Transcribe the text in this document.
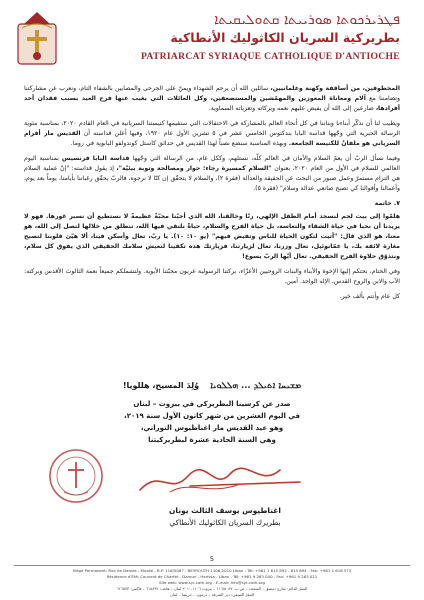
ܦܛܪܝܪܟܘܬܐ ܣܘܪܝܝܬܐ ܩܬܘܠܝܩܝܬܐ
بطريركية السريان الكاثوليك الأنطاكية
PATRIARCAT SYRIAQUE CATHOLIQUE D'ANTIOCHE

المخطوفين، من أساقفة وكهنة وعلمانيين، سائلين الله أن يرحم الشهداء ويمنّ على الجرحى والمصابين بالشفاء التام، ونعرب عن مشاركتنا وتضامننا مع آلام ومعاناة المعوزين والمهمّشين والمستضعفين، وكل العائلات التي يغيب عنها فرح العيد بسبب فقدان أحد أفرادها، ضارعين إلى الله أن يفيض عليهم نعمه وبركاته وتعزياته السماوية.

ويطيب لنا أن نذكّر أبناءنا وبناتنا في كل أنحاء العالم بالمشاركة في الاحتفالات التي ستقيمها كنيستنا السريانية في العام القادم ٢٠٢٠، بمناسبة مئوية الرسالة الحبرية التي وجّهها قداسة البابا بندكتوس الخامس عشر في ٥ تشرين الأول عام ١٩٢٠، وفيها أعلن قداسته أن القديس مار أفرام السرياني هو ملفانٌ للكنيسة الجامعة. وبهذه المناسبة سنضع نصباً لهذا القديس في حدائق كاستل كوندولفو البابوية في روما.

وفيما نسأل الربّ أن يعمّ السلام والأمان في العالم كلّه، نستلهم، وككل عام، من الرسالة التي وجّهها قداسة البابا فرنسيس بمناسبة اليوم العالمي للسلام في الأول من العام ٢٠٢٠، بعنوان "السلام كمسيرة رجاء: حوار ومصالحة وتوبة بيئيّة"، إذ يقول قداسته: "إنّ عملية السلام هي التزام مستمرّ وعمل صبور من البحث عن الحقيقة والعدالة (فقرة ٢)، والسلام لا يتحقّق إن كنّا لا نرجوه، فالربّ يحقّق رغباتنا بأيامنا، يوماً بعد يوم، وأعمالنا وأقوالنا كي تصبح صانعي عدالة وسلام" (فقرة ٥).

٧. خاتمة

هلمّوا إلى بيت لحم لنسجد أمام الطفل الإلهي، رنّا وخالقنا، الله الذي أحبّنا محبّةً عظيمةً لا نستطيع أن نسبر غورها. فهو لا يريدنا أن نحيا في حياة الشقاء والتعاسة، بل حياة الفرح والسلام، حياةً نلتقي فيها الله، ننطلق من خلالها لنصل إلى الله، هو معنا، هو الذي قال: "أتيت لتكون الحياة للناس وتفيض فيهم" (يو ١٠: ١٠). يا ربّ، تعال وأسكن فينا، ألا هيّئ قلوبنا لتصبح مغارة لائقة بك، يا عمّانوئيل، تعال وزرنا، تعال لزيارتنا، فزيارتك هذه تكفينا لنعيش سلامك الحقيقي الذي يفوق كل سلام، ونتذوّق حلاوة الفرح الحقيقي. تعال أيّها الربّ يسوع!

وفي الختام، نحتكم إليها الإخوة والأبناء والبنات الروحيين الأعزّاء، بركتنا الرسولية عربون محبّتنا الأبوية. ولتشملكم جميعاً نعمة الثالوث الأقدس وبركته: الآب والابن والروح القدس، الإله الواحد. آمين.

كل عام وأنتم بألف خير.

ܡܫܝܚܐ ܐܬܝܠܕ ... ܗܠܠܘܝܐ    وُلِدَ المسيح، هللويا!
صدر عن كرسينا البطريركي في بيروت – لبنان
في اليوم العشرين من شهر كانون الأول سنة ٢٠١٩،
وهو عيد القديس مار اغناطيوس النوراني،
وهي السنة الحادية عشرة لبطريركيتنا
اغناطيوس يوسف الثالث يونان
بطريرك السريان الكاثوليك الأنطاكي
5
Siège Permanent: Rue de Damas - Musée - B.P. 116/5087 - BEYROUTH 1106-2010 Liban - Tél: +961 1 615 892 - 615 894 - Fax: +961 1 616 573
Résidence d'Été: Couvent de Charfet - Daroun - Harissa - Liban - Tél: +961 9 263 040 - Fax: +961 9 263 021
Site web: www.syr-cath.org - E-mail: info@syr-cath.org
المقرّ الدائم: شارع دمشق – المتحف – ص.ب. ١١٦/٥٠٨٧ – بيروت ١١٠٦-٢٠١٠ لبنان – هاتف: ٦١٥٨٩٢ – فاكس: ٦١٦٥٧٣
المقرّ الصيفي: دير الشرفة – درعون – حريصا – لبنان
